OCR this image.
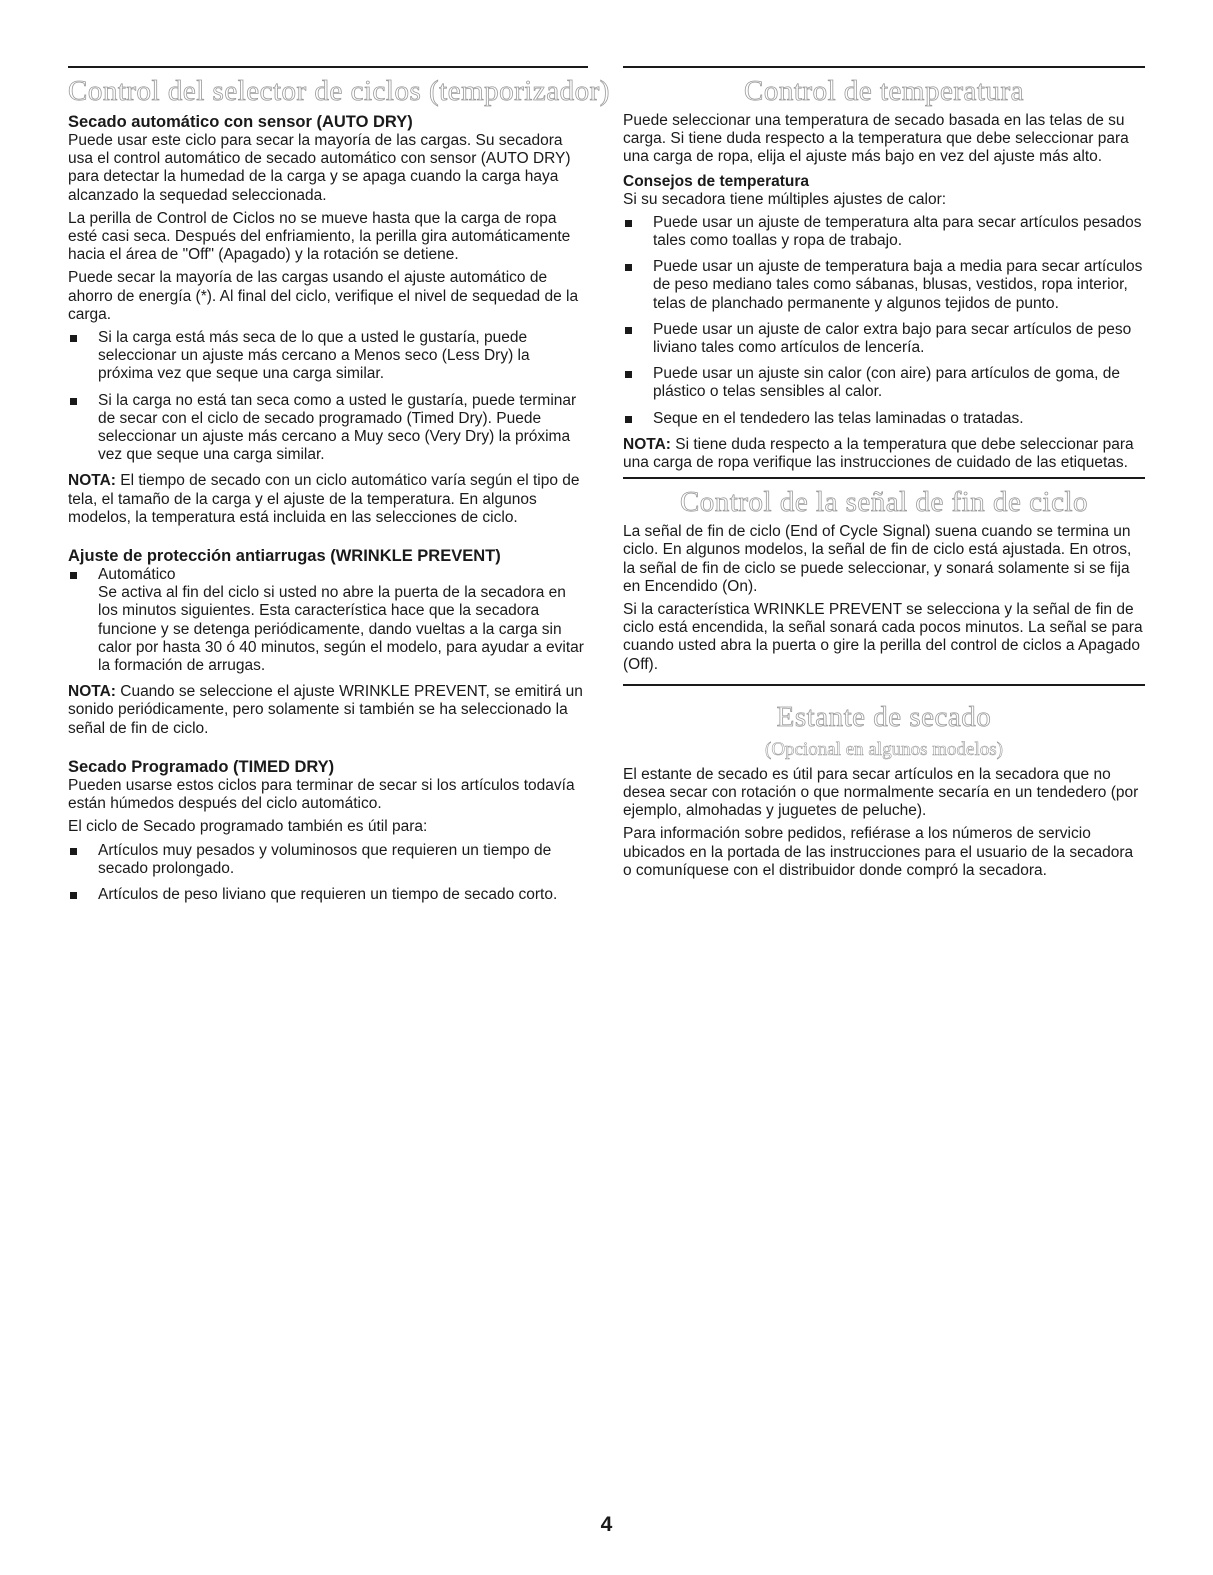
Control del selector de ciclos (temporizador)
Secado automático con sensor (AUTO DRY)

Puede usar este ciclo para secar la mayoría de las cargas. Su secadora usa el control automático de secado automático con sensor (AUTO DRY) para detectar la humedad de la carga y se apaga cuando la carga haya alcanzado la sequedad seleccionada.

La perilla de Control de Ciclos no se mueve hasta que la carga de ropa esté casi seca. Después del enfriamiento, la perilla gira automáticamente hacia el área de "Off" (Apagado) y la rotación se detiene.

Puede secar la mayoría de las cargas usando el ajuste automático de ahorro de energía (*). Al final del ciclo, verifique el nivel de sequedad de la carga.

Si la carga está más seca de lo que a usted le gustaría, puede seleccionar un ajuste más cercano a Menos seco (Less Dry) la próxima vez que seque una carga similar.
Si la carga no está tan seca como a usted le gustaría, puede terminar de secar con el ciclo de secado programado (Timed Dry). Puede seleccionar un ajuste más cercano a Muy seco (Very Dry) la próxima vez que seque una carga similar.

NOTA: El tiempo de secado con un ciclo automático varía según el tipo de tela, el tamaño de la carga y el ajuste de la temperatura. En algunos modelos, la temperatura está incluida en las selecciones de ciclo.

Ajuste de protección antiarrugas (WRINKLE PREVENT)
Automático
Se activa al fin del ciclo si usted no abre la puerta de la secadora en los minutos siguientes. Esta característica hace que la secadora funcione y se detenga periódicamente, dando vueltas a la carga sin calor por hasta 30 ó 40 minutos, según el modelo, para ayudar a evitar la formación de arrugas.

NOTA: Cuando se seleccione el ajuste WRINKLE PREVENT, se emitirá un sonido periódicamente, pero solamente si también se ha seleccionado la señal de fin de ciclo.

Secado Programado (TIMED DRY)

Pueden usarse estos ciclos para terminar de secar si los artículos todavía están húmedos después del ciclo automático.

El ciclo de Secado programado también es útil para:

Artículos muy pesados y voluminosos que requieren un tiempo de secado prolongado.
Artículos de peso liviano que requieren un tiempo de secado corto.
Control de temperatura

Puede seleccionar una temperatura de secado basada en las telas de su carga. Si tiene duda respecto a la temperatura que debe seleccionar para una carga de ropa, elija el ajuste más bajo en vez del ajuste más alto.

Consejos de temperatura

Si su secadora tiene múltiples ajustes de calor:

Puede usar un ajuste de temperatura alta para secar artículos pesados tales como toallas y ropa de trabajo.
Puede usar un ajuste de temperatura baja a media para secar artículos de peso mediano tales como sábanas, blusas, vestidos, ropa interior, telas de planchado permanente y algunos tejidos de punto.
Puede usar un ajuste de calor extra bajo para secar artículos de peso liviano tales como artículos de lencería.
Puede usar un ajuste sin calor (con aire) para artículos de goma, de plástico o telas sensibles al calor.
Seque en el tendedero las telas laminadas o tratadas.

NOTA: Si tiene duda respecto a la temperatura que debe seleccionar para una carga de ropa verifique las instrucciones de cuidado de las etiquetas.

Control de la señal de fin de ciclo

La señal de fin de ciclo (End of Cycle Signal) suena cuando se termina un ciclo. En algunos modelos, la señal de fin de ciclo está ajustada. En otros, la señal de fin de ciclo se puede seleccionar, y sonará solamente si se fija en Encendido (On).

Si la característica WRINKLE PREVENT se selecciona y la señal de fin de ciclo está encendida, la señal sonará cada pocos minutos. La señal se para cuando usted abra la puerta o gire la perilla del control de ciclos a Apagado (Off).

Estante de secado
(Opcional en algunos modelos)

El estante de secado es útil para secar artículos en la secadora que no desea secar con rotación o que normalmente secaría en un tendedero (por ejemplo, almohadas y juguetes de peluche).

Para información sobre pedidos, refiérase a los números de servicio ubicados en la portada de las instrucciones para el usuario de la secadora o comuníquese con el distribuidor donde compró la secadora.

4
